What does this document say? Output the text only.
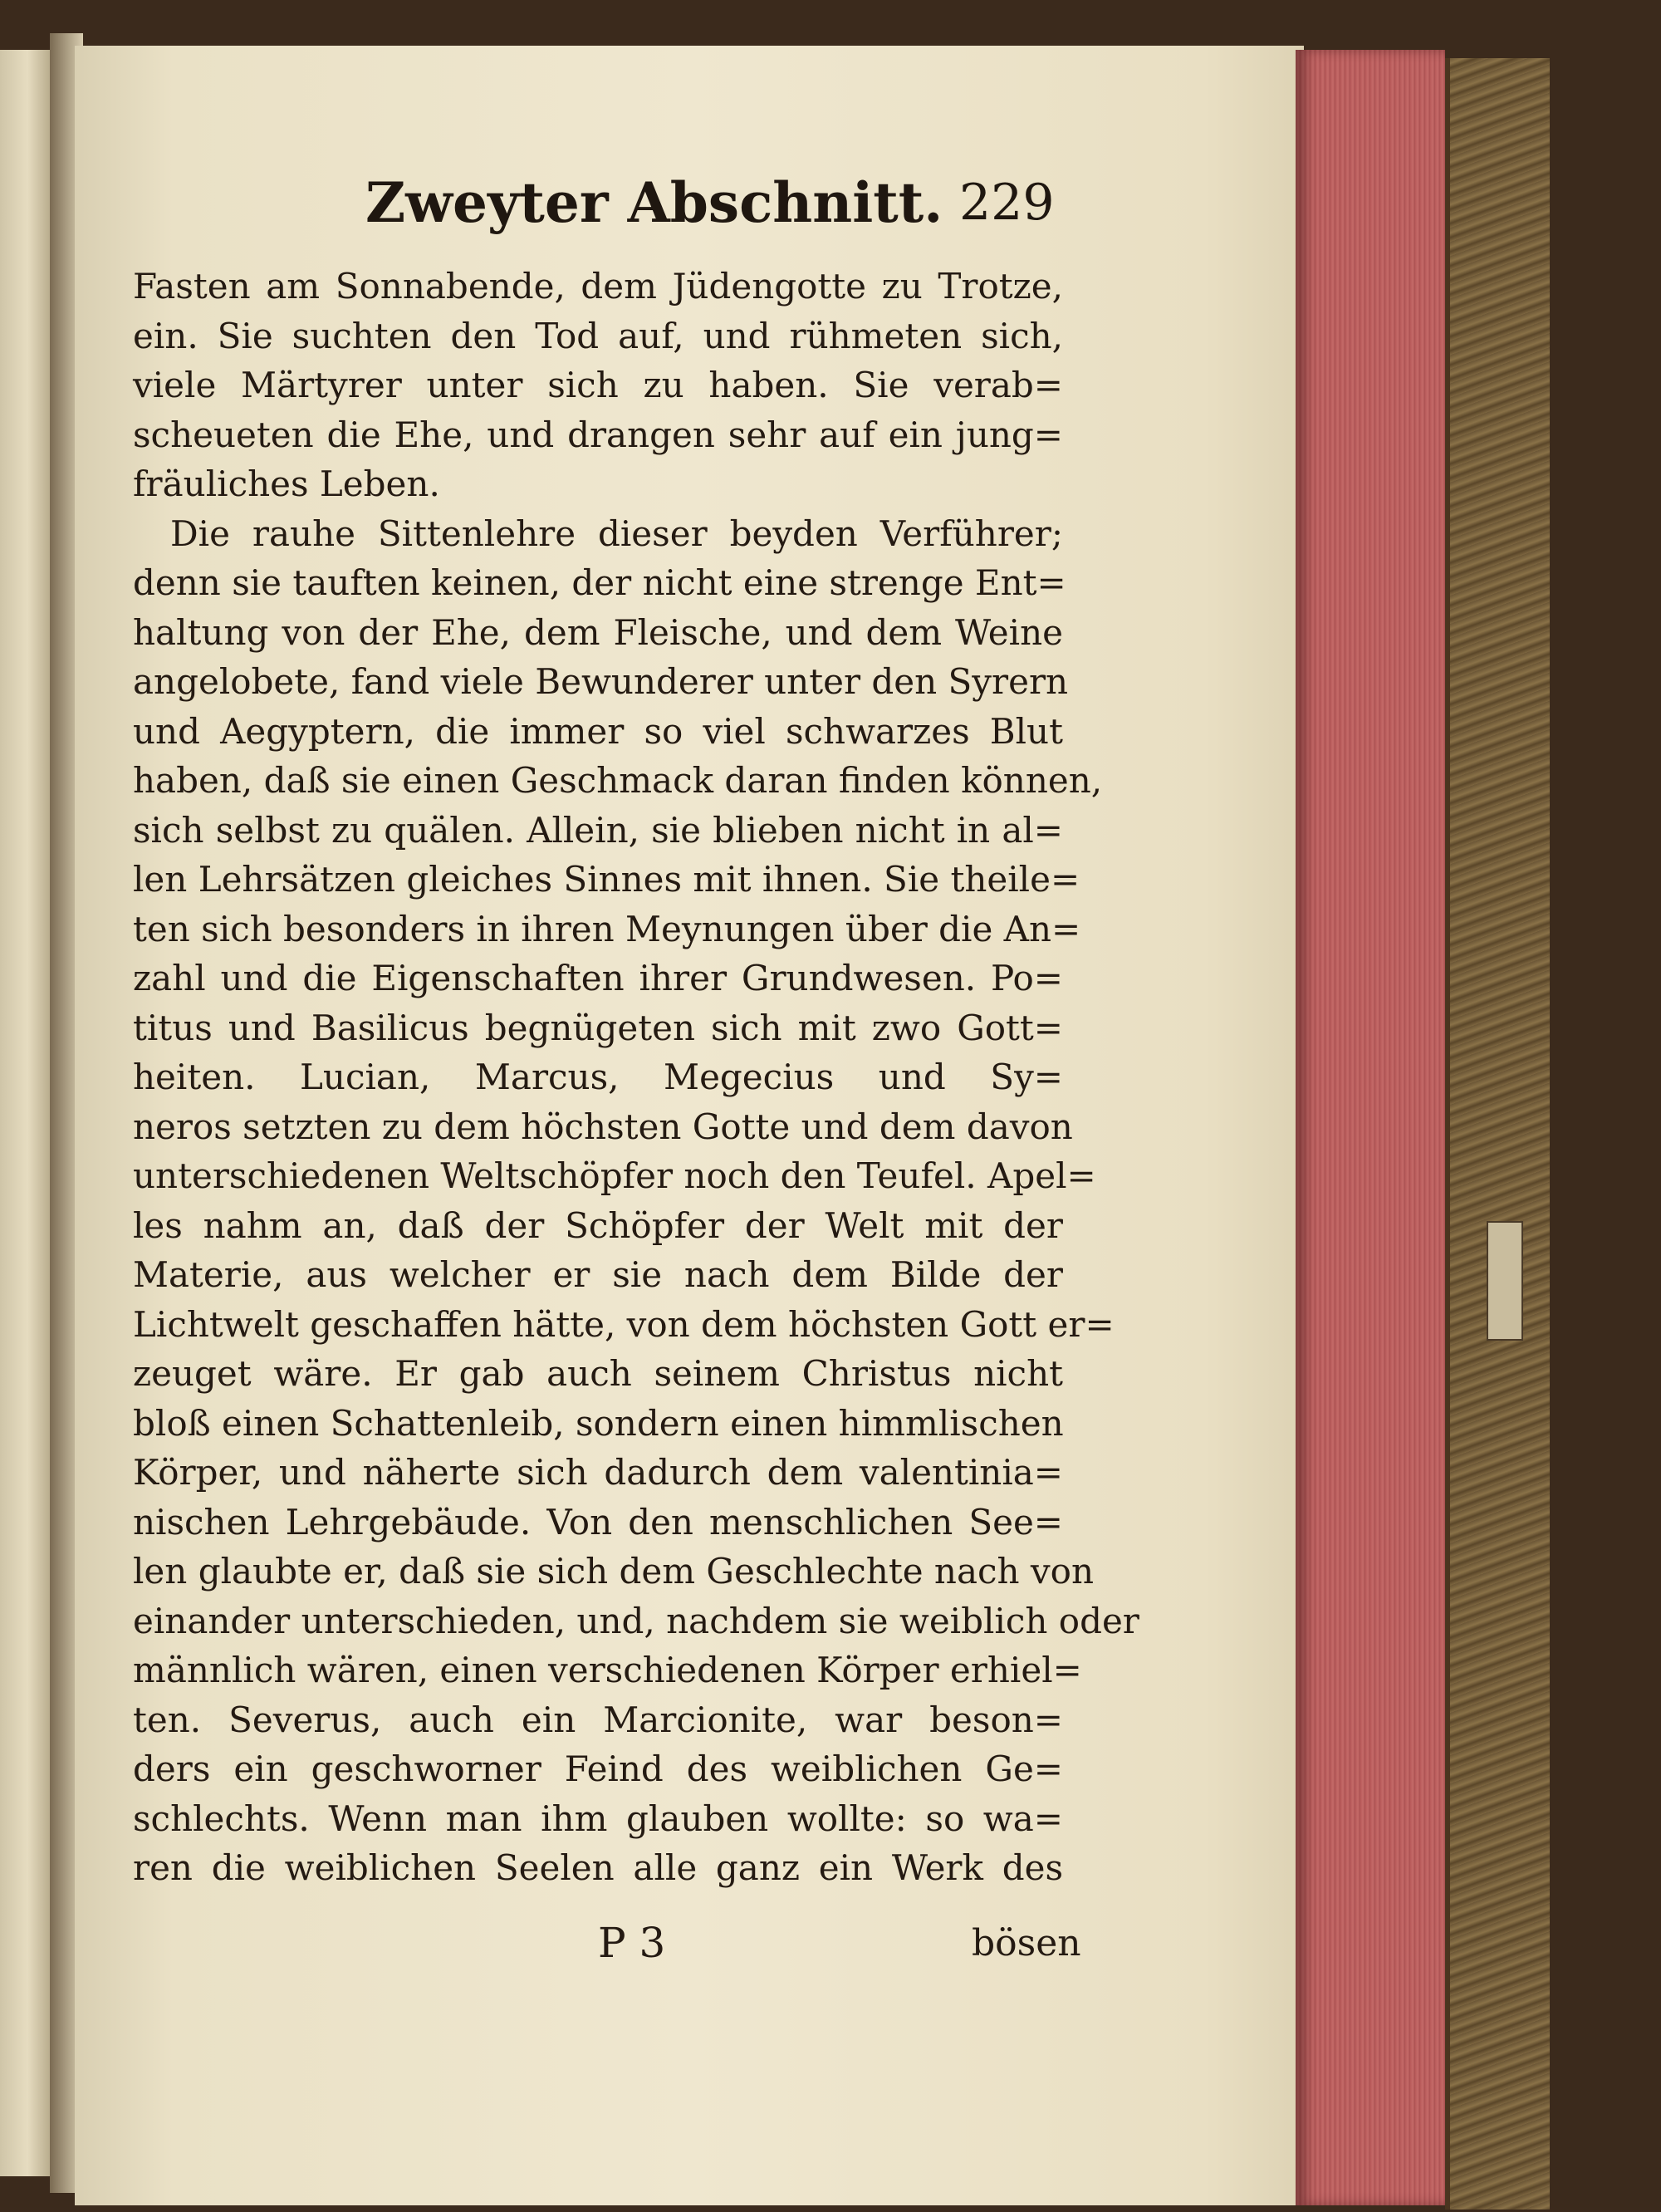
Zweyter Abschnitt. 229
Fasten am Sonnabende, dem Jüdengotte zu Trotze,
ein. Sie suchten den Tod auf, und rühmeten sich,
viele Märtyrer unter sich zu haben. Sie verab=
scheueten die Ehe, und drangen sehr auf ein jung=
fräuliches Leben.
Die rauhe Sittenlehre dieser beyden Verführer;
denn sie tauften keinen, der nicht eine strenge Ent=
haltung von der Ehe, dem Fleische, und dem Weine
angelobete, fand viele Bewunderer unter den Syrern
und Aegyptern, die immer so viel schwarzes Blut
haben, daß sie einen Geschmack daran finden können,
sich selbst zu quälen. Allein, sie blieben nicht in al=
len Lehrsätzen gleiches Sinnes mit ihnen. Sie theile=
ten sich besonders in ihren Meynungen über die An=
zahl und die Eigenschaften ihrer Grundwesen. Po=
titus und Basilicus begnügeten sich mit zwo Gott=
heiten. Lucian, Marcus, Megecius und Sy=
neros setzten zu dem höchsten Gotte und dem davon
unterschiedenen Weltschöpfer noch den Teufel. Apel=
les nahm an, daß der Schöpfer der Welt mit der
Materie, aus welcher er sie nach dem Bilde der
Lichtwelt geschaffen hätte, von dem höchsten Gott er=
zeuget wäre. Er gab auch seinem Christus nicht
bloß einen Schattenleib, sondern einen himmlischen
Körper, und näherte sich dadurch dem valentinia=
nischen Lehrgebäude. Von den menschlichen See=
len glaubte er, daß sie sich dem Geschlechte nach von
einander unterschieden, und, nachdem sie weiblich oder
männlich wären, einen verschiedenen Körper erhiel=
ten. Severus, auch ein Marcionite, war beson=
ders ein geschworner Feind des weiblichen Ge=
schlechts. Wenn man ihm glauben wollte: so wa=
ren die weiblichen Seelen alle ganz ein Werk des
P 3	bösen
